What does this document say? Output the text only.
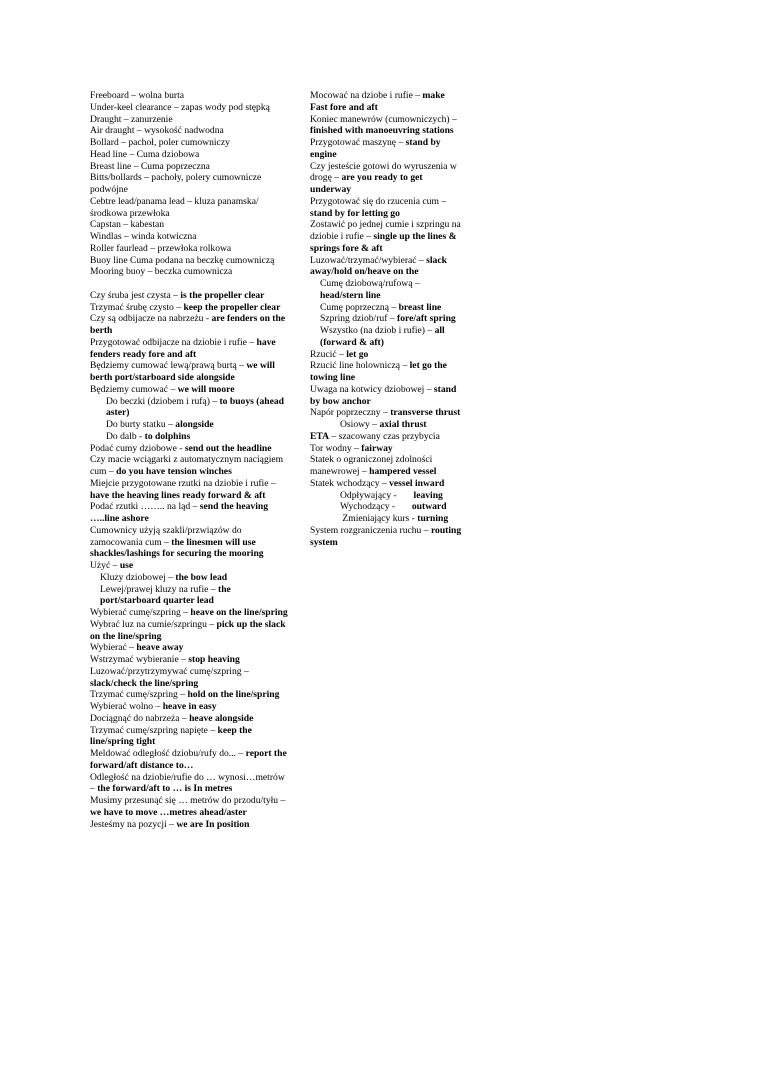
Freeboard – wolna burta

Under-keel clearance – zapas wody pod stępką

Draught – zanurzenie

Air draught – wysokość nadwodna

Bollard – pachoł, poler cumowniczy

Head line – Cuma dziobowa

Breast line – Cuma poprzeczna

Bitts/bollards – pachoły, polery cumownicze podwójne

Cebtre lead/panama lead – kluza panamska/środkowa przewłoka

Capstan – kabestan

Windlas – winda kotwiczna

Roller faurlead – przewłoka rolkowa

Buoy line Cuma podana na beczkę cumowniczą

Mooring buoy – beczka cumownicza

Czy śruba jest czysta – is the propeller clear

Trzymać śrubę czysto – keep the propeller clear

Czy są odbijacze na nabrzeżu - are fenders on the berth

Przygotować odbijacze na dziobie i rufie – have fenders ready fore and aft

Będziemy cumować lewą/prawą burtą – we will berth port/starboard side alongside

Będziemy cumować – we will moore

Do beczki (dziobem i rufą) – to buoys (ahead aster)

Do burty statku – alongside

Do dalb - to dolphins

Podać cumy dziobowe - send out the headline

Czy macie wciągarki z automatycznym naciągiem cum – do you have tension winches

Miejcie przygotowane rzutki na dziobie i rufie – have the heaving lines ready forward & aft

Podać rzutki …….. na ląd – send the heaving …..line ashore

Cumownicy użyją szakli/przwiązów do zamocowania cum – the linesmen will use shackles/lashings for securing the mooring

Użyć – use

Kluzy dziobowej – the bow lead

Lewej/prawej kluzy na rufie – the port/starboard quarter lead

Wybierać cumę/szpring – heave on the line/spring

Wybrać luz na cumie/szpringu – pick up the slack on the line/spring

Wybierać – heave away

Wstrzymać wybieranie – stop heaving

Luzować/przytrzymywać cumę/szpring – slack/check the line/spring

Trzymać cumę/szpring – hold on the line/spring

Wybierać wolno – heave in easy

Dociągnąć do nabrzeża – heave alongside

Trzymać cumę/szpring napięte – keep the line/spring tight

Meldować odległość dziobu/rufy do... – report the forward/aft distance to…

Odległość na dziobie/rufie do … wynosi…metrów – the forward/aft to … is In metres

Musimy przesunąć się … metrów do przodu/tyłu – we have to move …metres ahead/aster

Jesteśmy na pozycji – we are In position

Mocować na dziobe i rufie – make Fast fore and aft

Koniec manewrów (cumowniczych) – finished with manoeuvring stations

Przygotować maszynę – stand by engine

Czy jesteście gotowi do wyruszenia w drogę – are you ready to get underway

Przygotować się do rzucenia cum – stand by for letting go

Zostawić po jednej cumie i szpringu na dziobie i rufie – single up the lines & springs fore & aft

Luzować/trzymać/wybierać – slack away/hold on/heave on the

Cumę dziobową/rufową – head/stern line

Cumę poprzeczną – breast line

Szpring dziob/ruf – fore/aft spring

Wszystko (na dziob i rufie) – all (forward & aft)

Rzucić – let go

Rzucić line holowniczą – let go the towing line

Uwaga na kotwicy dziobowej – stand by bow anchor

Napór poprzeczny – transverse thrust

Osiowy – axial thrust

ETA – szacowany czas przybycia

Tor wodny – fairway

Statek o ograniczonej zdolności manewrowej – hampered vessel

Statek wchodzący – vessel inward

Odpływający -       leaving

Wychodzący -       outward

Zmieniający kurs - turning

System rozgraniczenia ruchu – routing system
